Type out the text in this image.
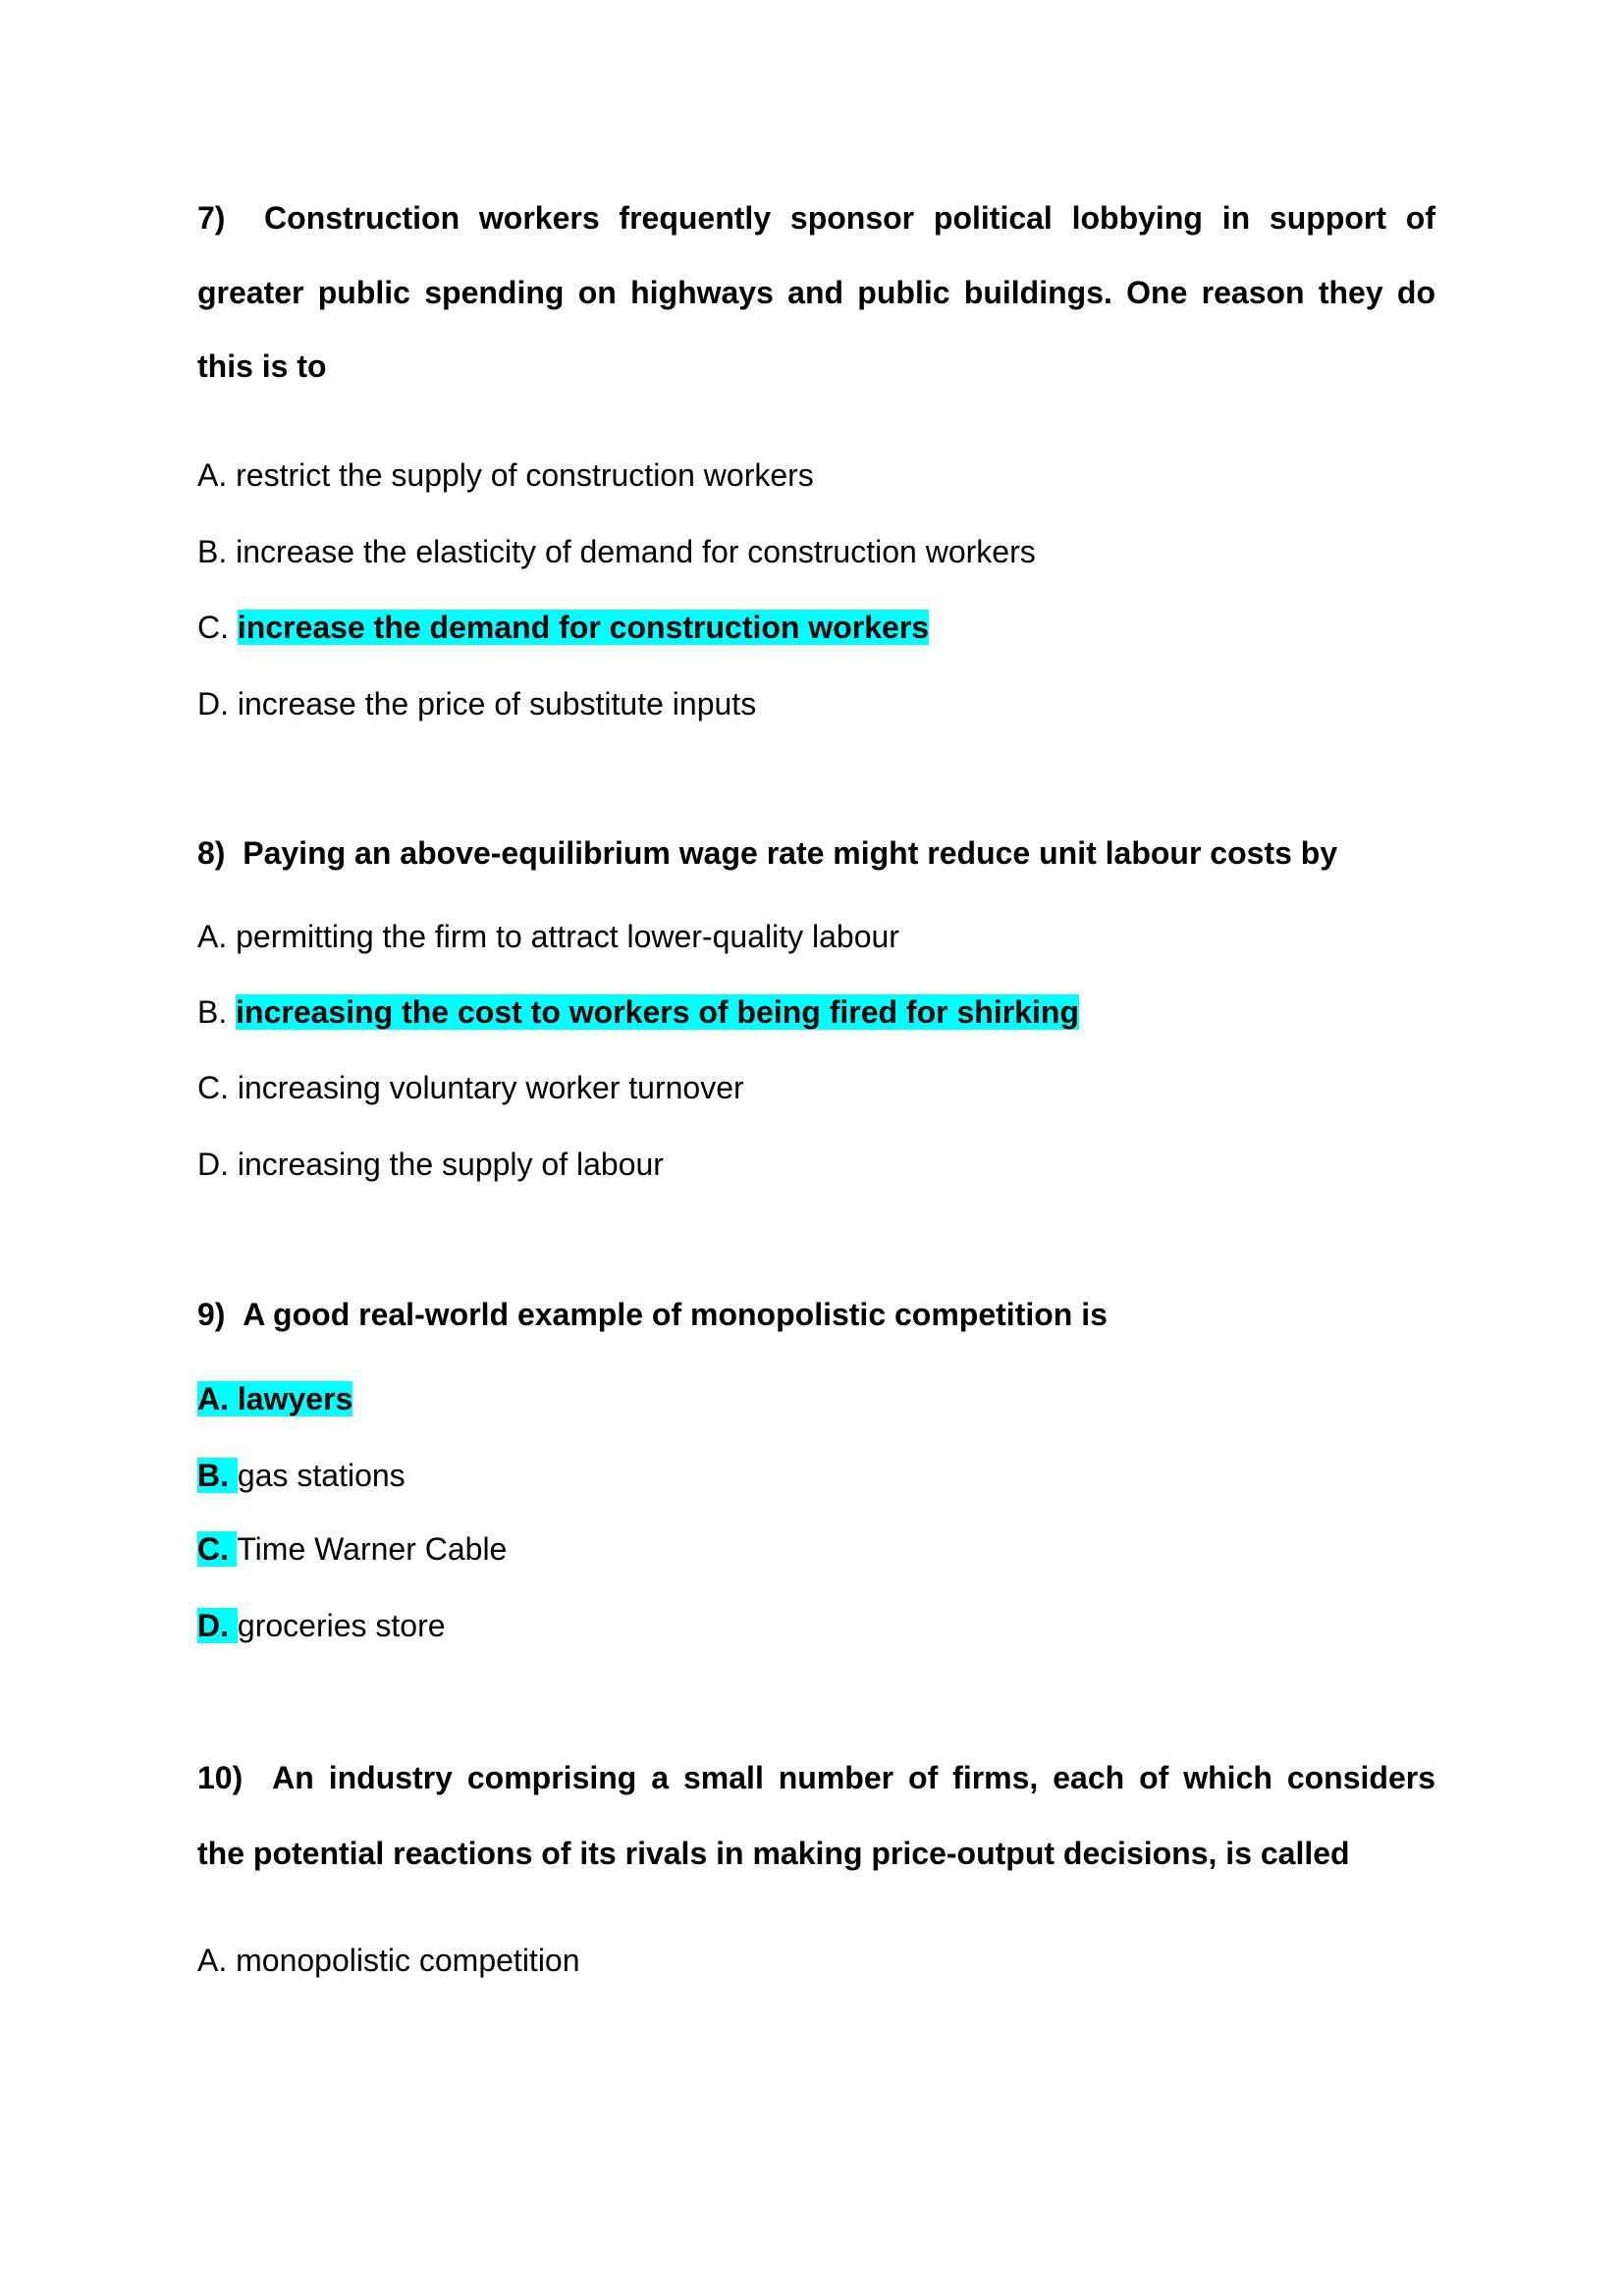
7) Construction workers frequently sponsor political lobbying in support of
greater public spending on highways and public buildings. One reason they do
this is to
A. restrict the supply of construction workers
B. increase the elasticity of demand for construction workers
C. increase the demand for construction workers
D. increase the price of substitute inputs
8) Paying an above-equilibrium wage rate might reduce unit labour costs by
A. permitting the firm to attract lower-quality labour
B. increasing the cost to workers of being fired for shirking
C. increasing voluntary worker turnover
D. increasing the supply of labour
9) A good real-world example of monopolistic competition is
A. lawyers
B. gas stations
C. Time Warner Cable
D. groceries store
10) An industry comprising a small number of firms, each of which considers
the potential reactions of its rivals in making price-output decisions, is called
A. monopolistic competition
